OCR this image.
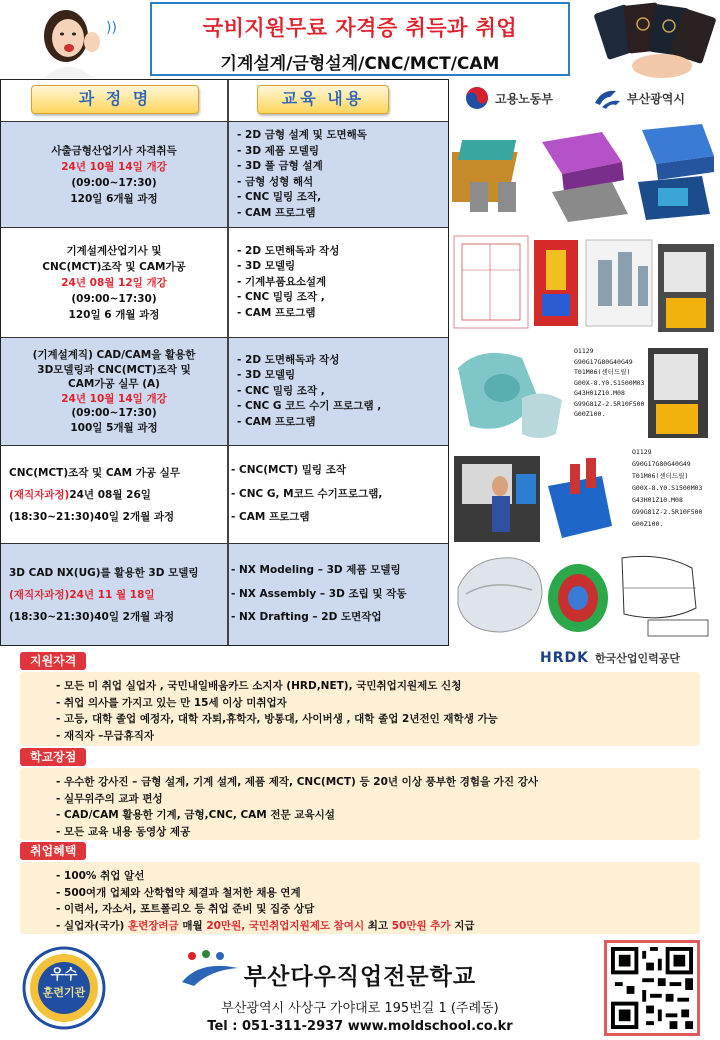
))	국비지원무료 자격증 취득과 취업
기계설계/금형설계/CNC/MCT/CAM
과 정 명	교육 내용
사출금형산업기사 자격취득
24년 10월 14일 개강
(09:00~17:30)
120일 6개월 과정
- 2D 금형 설계 및 도면해독
- 3D 제품 모델링
- 3D 풀 금형 설계
- 금형 성형 해석
- CNC 밀링 조작,
- CAM 프로그램
기계설계산업기사 및
CNC(MCT)조작 및 CAM가공
24년 08월 12일 개강
(09:00~17:30)
120일 6 개월 과정
- 2D 도면해독과 작성
- 3D 모델링
- 기계부품요소설계
- CNC 밀링 조작 ,
- CAM 프로그램
(기계설계직) CAD/CAM을 활용한
3D모델링과 CNC(MCT)조작 및
CAM가공 실무 (A)
24년 10월 14일 개강
(09:00~17:30)
100일 5개월 과정
- 2D 도면해독과 작성
- 3D 모델링
- CNC 밀링 조작 ,
- CNC G 코드 수기 프로그램 ,
- CAM 프로그램
CNC(MCT)조작 및 CAM 가공 실무
(재직자과정)24년 08월 26일
(18:30~21:30)40일 2개월 과정
- CNC(MCT) 밀링 조작
- CNC G, M코드 수기프로그램,
- CAM 프로그램
3D CAD NX(UG)를 활용한 3D 모델링
(재직자과정)24년 11 월 18일
(18:30~21:30)40일 2개월 과정
- NX Modeling – 3D 제품 모델링
- NX Assembly – 3D 조립 및 작동
- NX Drafting – 2D 도면작업
고용노동부	부산광역시
O1129
G90G17G80G40G49
T01M06(센터드릴)
G00X-8.Y0.S1500M03
G43H01Z10.M08
G99G81Z-2.5R10F500
G00Z100.
O1129
G90G17G80G40G49
T01M06(센터드릴)
G00X-8.Y0.S1500M03
G43H01Z10.M08
G99G81Z-2.5R10F500
G00Z100.
HRDK 한국산업인력공단
지원자격
- 모든 미 취업 실업자 , 국민내일배움카드 소지자 (HRD,NET), 국민취업지원제도 신청
- 취업 의사를 가지고 있는 만 15세 이상 미취업자
- 고등, 대학 졸업 예정자, 대학 자퇴,휴학자, 방통대, 사이버생 , 대학 졸업 2년전인 재학생 가능
- 재직자 –무급휴직자
학교장점
- 우수한 강사진 – 금형 설계, 기계 설계, 제품 제작, CNC(MCT) 등 20년 이상 풍부한 경험을 가진 강사
- 실무위주의 교과 편성
- CAD/CAM 활용한 기계, 금형,CNC, CAM 전문 교육시설
- 모든 교육 내용 동영상 제공
취업혜택
- 100% 취업 알선
- 500여개 업체와 산학협약 체결과 철저한 채용 연계
- 이력서, 자소서, 포트폴리오 등 취업 준비 및 집중 상담
- 실업자(국가) 훈련장려금 매월 20만원, 국민취업지원제도 참여시 최고 50만원 추가 지급
우수
훈련기관
부산다우직업전문학교
부산광역시 사상구 가야대로 195번길 1 (주례동)
Tel : 051-311-2937 www.moldschool.co.kr
